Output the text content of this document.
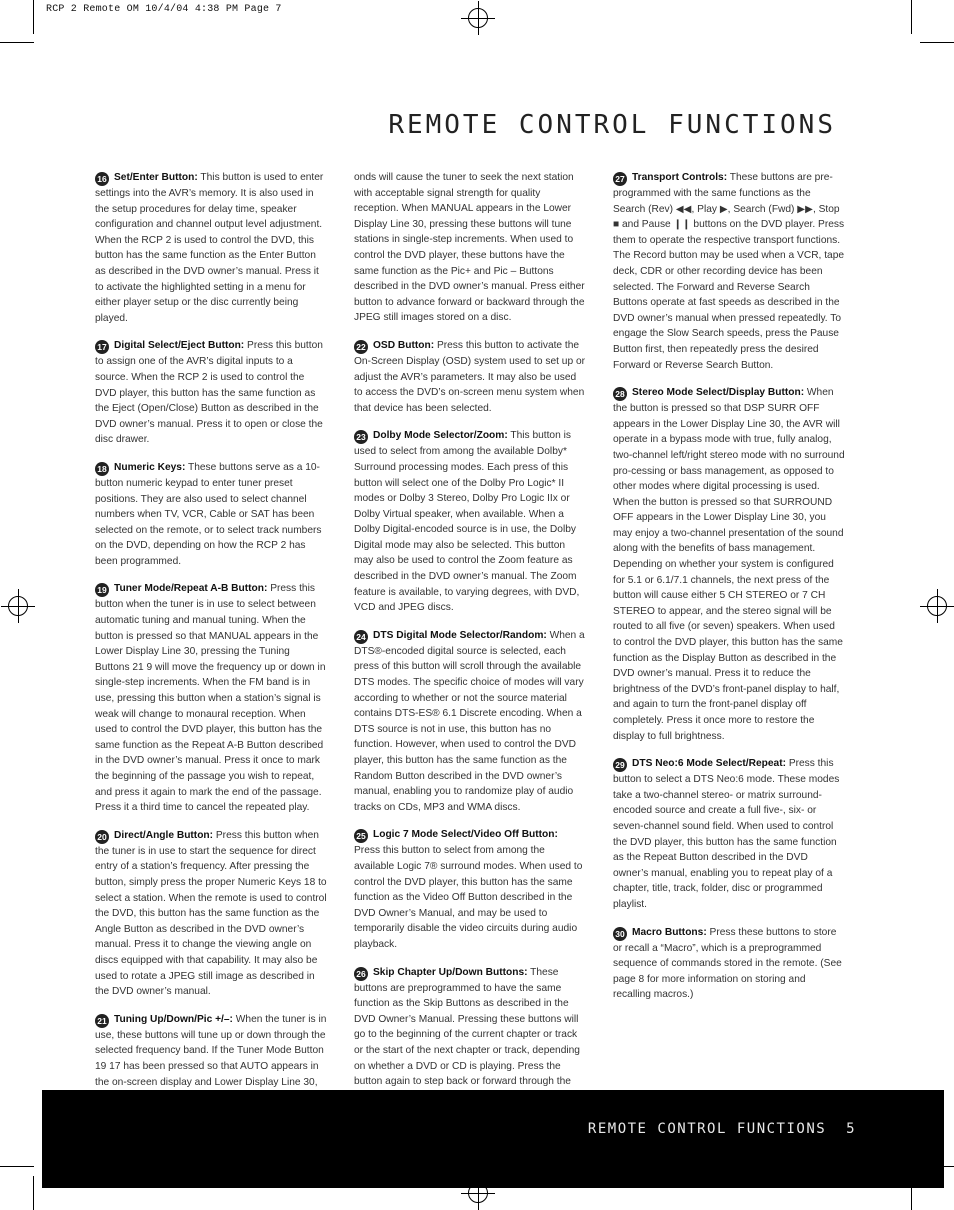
RCP 2 Remote OM 10/4/04 4:38 PM Page 7
REMOTE CONTROL FUNCTIONS

16 Set/Enter Button: This button is used to enter settings into the AVR’s memory. It is also used in the setup procedures for delay time, speaker configuration and channel output level adjustment. When the RCP 2 is used to control the DVD, this button has the same function as the Enter Button as described in the DVD owner’s manual. Press it to activate the highlighted setting in a menu for either player setup or the disc currently being played.

17 Digital Select/Eject Button: Press this button to assign one of the AVR’s digital inputs to a source. When the RCP 2 is used to control the DVD player, this button has the same function as the Eject (Open/Close) Button as described in the DVD owner’s manual. Press it to open or close the disc drawer.

18 Numeric Keys: These buttons serve as a 10-button numeric keypad to enter tuner preset positions. They are also used to select channel numbers when TV, VCR, Cable or SAT has been selected on the remote, or to select track numbers on the DVD, depending on how the RCP 2 has been programmed.

19 Tuner Mode/Repeat A-B Button: Press this button when the tuner is in use to select between automatic tuning and manual tuning. When the button is pressed so that MANUAL appears in the Lower Display Line 30, pressing the Tuning Buttons 21 9 will move the frequency up or down in single-step increments. When the FM band is in use, pressing this button when a station’s signal is weak will change to monaural reception. When used to control the DVD player, this button has the same function as the Repeat A-B Button described in the DVD owner’s manual. Press it once to mark the beginning of the passage you wish to repeat, and press it again to mark the end of the passage. Press it a third time to cancel the repeated play.

20 Direct/Angle Button: Press this button when the tuner is in use to start the sequence for direct entry of a station’s frequency. After pressing the button, simply press the proper Numeric Keys 18 to select a station. When the remote is used to control the DVD, this button has the same function as the Angle Button as described in the DVD owner’s manual. Press it to change the viewing angle on discs equipped with that capability. It may also be used to rotate a JPEG still image as described in the DVD owner’s manual.

21 Tuning Up/Down/Pic +/–: When the tuner is in use, these buttons will tune up or down through the selected frequency band. If the Tuner Mode Button 19 17 has been pressed so that AUTO appears in the on-screen display and Lower Display Line 30,

onds will cause the tuner to seek the next station with acceptable signal strength for quality reception. When MANUAL appears in the Lower Display Line 30, pressing these buttons will tune stations in single-step increments. When used to control the DVD player, these buttons have the same function as the Pic+ and Pic – Buttons described in the DVD owner’s manual. Press either button to advance forward or backward through the JPEG still images stored on a disc.

22 OSD Button: Press this button to activate the On-Screen Display (OSD) system used to set up or adjust the AVR’s parameters. It may also be used to access the DVD’s on-screen menu system when that device has been selected.

23 Dolby Mode Selector/Zoom: This button is used to select from among the available Dolby* Surround processing modes. Each press of this button will select one of the Dolby Pro Logic* II modes or Dolby 3 Stereo, Dolby Pro Logic IIx or Dolby Virtual speaker, when available. When a Dolby Digital-encoded source is in use, the Dolby Digital mode may also be selected. This button may also be used to control the Zoom feature as described in the DVD owner’s manual. The Zoom feature is available, to varying degrees, with DVD, VCD and JPEG discs.

24 DTS Digital Mode Selector/Random: When a DTS®-encoded digital source is selected, each press of this button will scroll through the available DTS modes. The specific choice of modes will vary according to whether or not the source material contains DTS-ES® 6.1 Discrete encoding. When a DTS source is not in use, this button has no function. However, when used to control the DVD player, this button has the same function as the Random Button described in the DVD owner’s manual, enabling you to randomize play of audio tracks on CDs, MP3 and WMA discs.

25 Logic 7 Mode Select/Video Off Button: Press this button to select from among the available Logic 7® surround modes. When used to control the DVD player, this button has the same function as the Video Off Button described in the DVD Owner’s Manual, and may be used to temporarily disable the video circuits during audio playback.

26 Skip Chapter Up/Down Buttons: These buttons are preprogrammed to have the same function as the Skip Buttons as described in the DVD Owner’s Manual. Pressing these buttons will go to the beginning of the current chapter or track or the start of the next chapter or track, depending on whether a DVD or CD is playing. Press the button again to step back or forward through the

27 Transport Controls: These buttons are pre-programmed with the same functions as the Search (Rev) ◀◀, Play ▶, Search (Fwd) ▶▶, Stop ■ and Pause ❙❙ buttons on the DVD player. Press them to operate the respective transport functions. The Record button may be used when a VCR, tape deck, CDR or other recording device has been selected. The Forward and Reverse Search Buttons operate at fast speeds as described in the DVD owner’s manual when pressed repeatedly. To engage the Slow Search speeds, press the Pause Button first, then repeatedly press the desired Forward or Reverse Search Button.

28 Stereo Mode Select/Display Button: When the button is pressed so that DSP SURR OFF appears in the Lower Display Line 30, the AVR will operate in a bypass mode with true, fully analog, two-channel left/right stereo mode with no surround pro-cessing or bass management, as opposed to other modes where digital processing is used. When the button is pressed so that SURROUND OFF appears in the Lower Display Line 30, you may enjoy a two-channel presentation of the sound along with the benefits of bass management. Depending on whether your system is configured for 5.1 or 6.1/7.1 channels, the next press of the button will cause either 5 CH STEREO or 7 CH STEREO to appear, and the stereo signal will be routed to all five (or seven) speakers. When used to control the DVD player, this button has the same function as the Display Button as described in the DVD owner’s manual. Press it to reduce the brightness of the DVD’s front-panel display to half, and again to turn the front-panel display off completely. Press it once more to restore the display to full brightness.

29 DTS Neo:6 Mode Select/Repeat: Press this button to select a DTS Neo:6 mode. These modes take a two-channel stereo- or matrix surround-encoded source and create a full five-, six- or seven-channel sound field. When used to control the DVD player, this button has the same function as the Repeat Button described in the DVD owner’s manual, enabling you to repeat play of a chapter, title, track, folder, disc or programmed playlist.

30 Macro Buttons: Press these buttons to store or recall a “Macro”, which is a preprogrammed sequence of commands stored in the remote. (See page 8 for more information on storing and recalling macros.)

REMOTE CONTROL FUNCTIONS 5
